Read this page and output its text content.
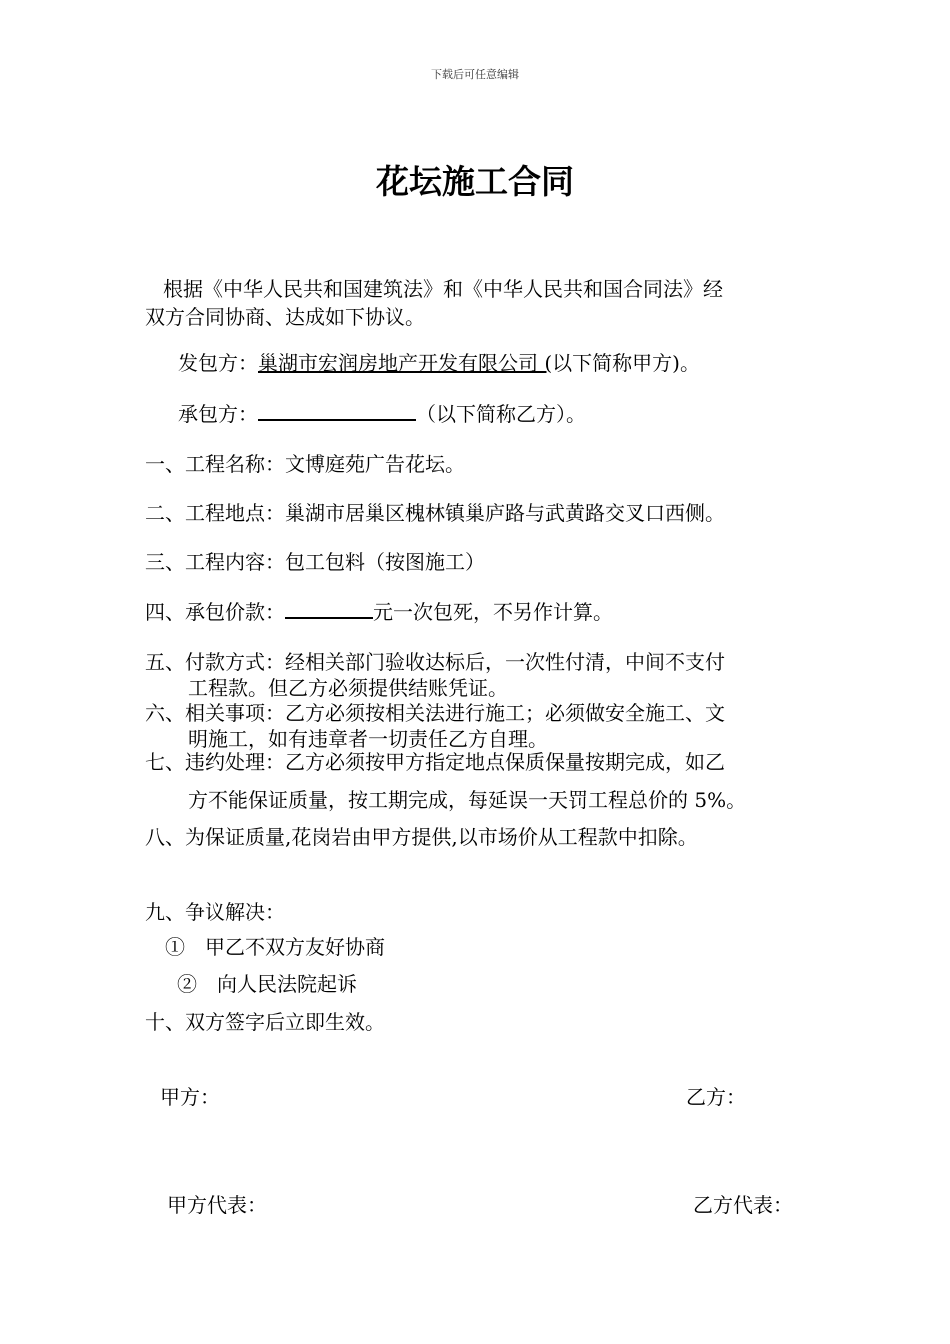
下载后可任意编辑
花坛施工合同
根据《中华人民共和国建筑法》和《中华人民共和国合同法》经
双方合同协商、达成如下协议。
发包方：巢湖市宏润房地产开发有限公司 (以下简称甲方)。
承包方：	（以下简称乙方）。
一、工程名称：文博庭苑广告花坛。
二、工程地点：巢湖市居巢区槐林镇巢庐路与武黄路交叉口西侧。
三、工程内容：包工包料（按图施工）
四、承包价款：	元一次包死，不另作计算。
五、付款方式：经相关部门验收达标后，一次性付清，中间不支付
工程款。但乙方必须提供结账凭证。
六、相关事项：乙方必须按相关法进行施工；必须做安全施工、文
明施工，如有违章者一切责任乙方自理。
七、违约处理：乙方必须按甲方指定地点保质保量按期完成，如乙
方不能保证质量，按工期完成，每延误一天罚工程总价的 5%。
八、为保证质量,花岗岩由甲方提供,以市场价从工程款中扣除。
九、争议解决：
①　甲乙不双方友好协商
②　向人民法院起诉
十、双方签字后立即生效。
甲方：	乙方：
甲方代表：	乙方代表：
